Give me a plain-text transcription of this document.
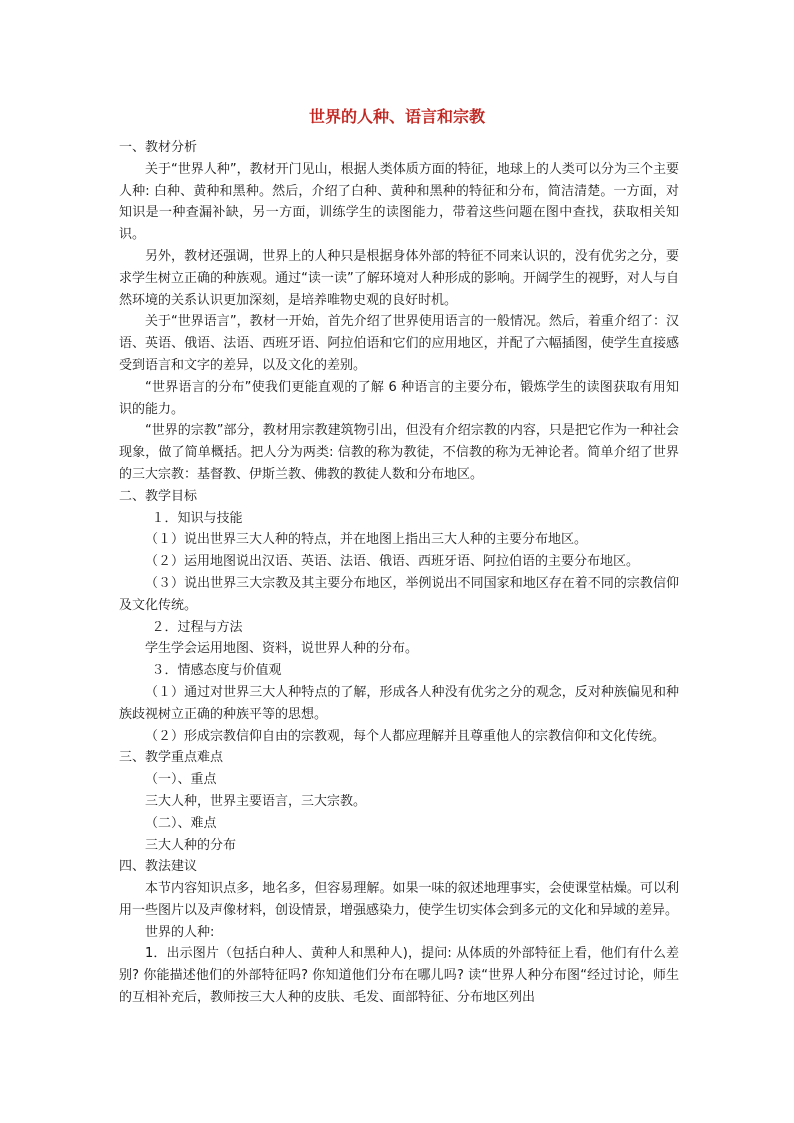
世界的人种、语言和宗教

一、教材分析

关于“世界人种”，教材开门见山，根据人类体质方面的特征，地球上的人类可以分为三个主要人种: 白种、黄种和黑种。然后，介绍了白种、黄种和黑种的特征和分布，简洁清楚。一方面，对知识是一种查漏补缺，另一方面，训练学生的读图能力，带着这些问题在图中查找，获取相关知识。

另外，教材还强调，世界上的人种只是根据身体外部的特征不同来认识的，没有优劣之分，要求学生树立正确的种族观。通过“读一读”了解环境对人种形成的影响。开阔学生的视野，对人与自然环境的关系认识更加深刻，是培养唯物史观的良好时机。

关于“世界语言”，教材一开始，首先介绍了世界使用语言的一般情况。然后，着重介绍了：汉语、英语、俄语、法语、西班牙语、阿拉伯语和它们的应用地区，并配了六幅插图，使学生直接感受到语言和文字的差异，以及文化的差别。

“世界语言的分布”使我们更能直观的了解 6 种语言的主要分布，锻炼学生的读图获取有用知识的能力。

“世界的宗教”部分，教材用宗教建筑物引出，但没有介绍宗教的内容，只是把它作为一种社会现象，做了简单概括。把人分为两类: 信教的称为教徒，不信教的称为无神论者。简单介绍了世界的三大宗教：基督教、伊斯兰教、佛教的教徒人数和分布地区。

二、教学目标

１．知识与技能

（１）说出世界三大人种的特点，并在地图上指出三大人种的主要分布地区。

（２）运用地图说出汉语、英语、法语、俄语、西班牙语、阿拉伯语的主要分布地区。

（３）说出世界三大宗教及其主要分布地区，举例说出不同国家和地区存在着不同的宗教信仰及文化传统。

２．过程与方法

学生学会运用地图、资料，说世界人种的分布。

３．情感态度与价值观

（１）通过对世界三大人种特点的了解，形成各人种没有优劣之分的观念，反对种族偏见和种族歧视树立正确的种族平等的思想。

（２）形成宗教信仰自由的宗教观，每个人都应理解并且尊重他人的宗教信仰和文化传统。

三、教学重点难点

（一）、重点

三大人种，世界主要语言，三大宗教。

（二）、难点

三大人种的分布

四、教法建议

本节内容知识点多，地名多，但容易理解。如果一味的叙述地理事实，会使课堂枯燥。可以利用一些图片以及声像材料，创设情景，增强感染力，使学生切实体会到多元的文化和异域的差异。

世界的人种:

1．出示图片（包括白种人、黄种人和黑种人)，提问: 从体质的外部特征上看，他们有什么差别? 你能描述他们的外部特征吗? 你知道他们分布在哪儿吗? 读“世界人种分布图“经过讨论，师生的互相补充后，教师按三大人种的皮肤、毛发、面部特征、分布地区列出
